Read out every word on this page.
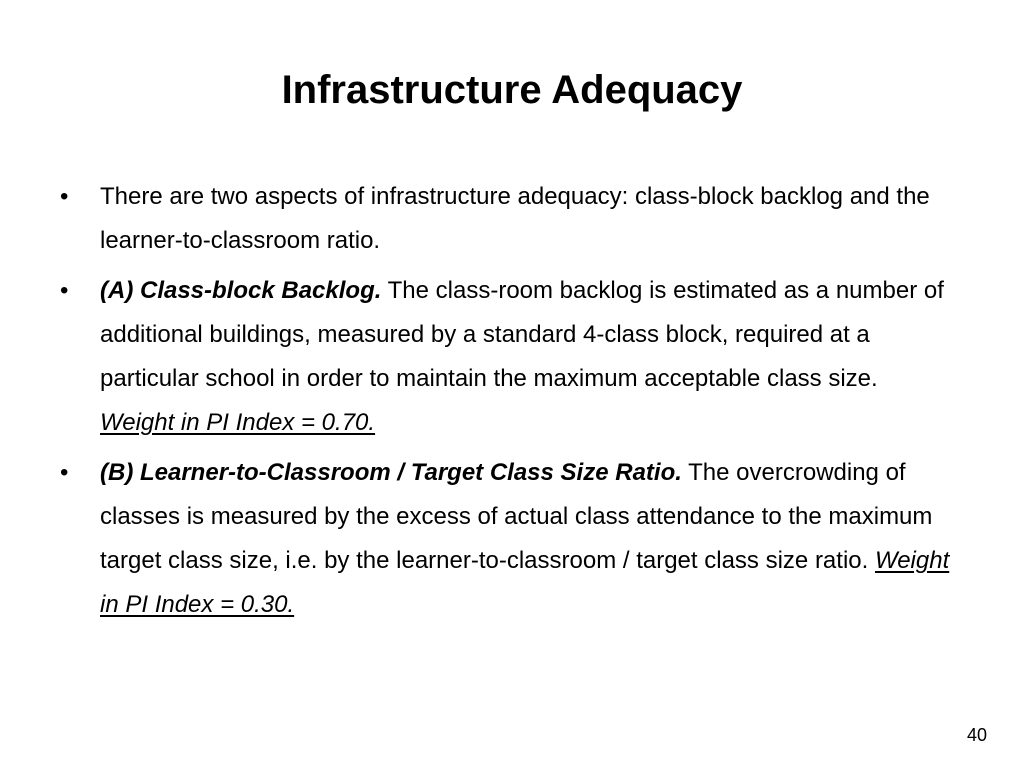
Infrastructure Adequacy
• There are two aspects of infrastructure adequacy: class-block backlog and the learner-to-classroom ratio.
• (A) Class-block Backlog. The class-room backlog is estimated as a number of additional buildings, measured by a standard 4-class block, required at a particular school in order to maintain the maximum acceptable class size. Weight in PI Index = 0.70.
• (B) Learner-to-Classroom / Target Class Size Ratio. The overcrowding of classes is measured by the excess of actual class attendance to the maximum target class size, i.e. by the learner-to-classroom / target class size ratio. Weight in PI Index = 0.30.
40
